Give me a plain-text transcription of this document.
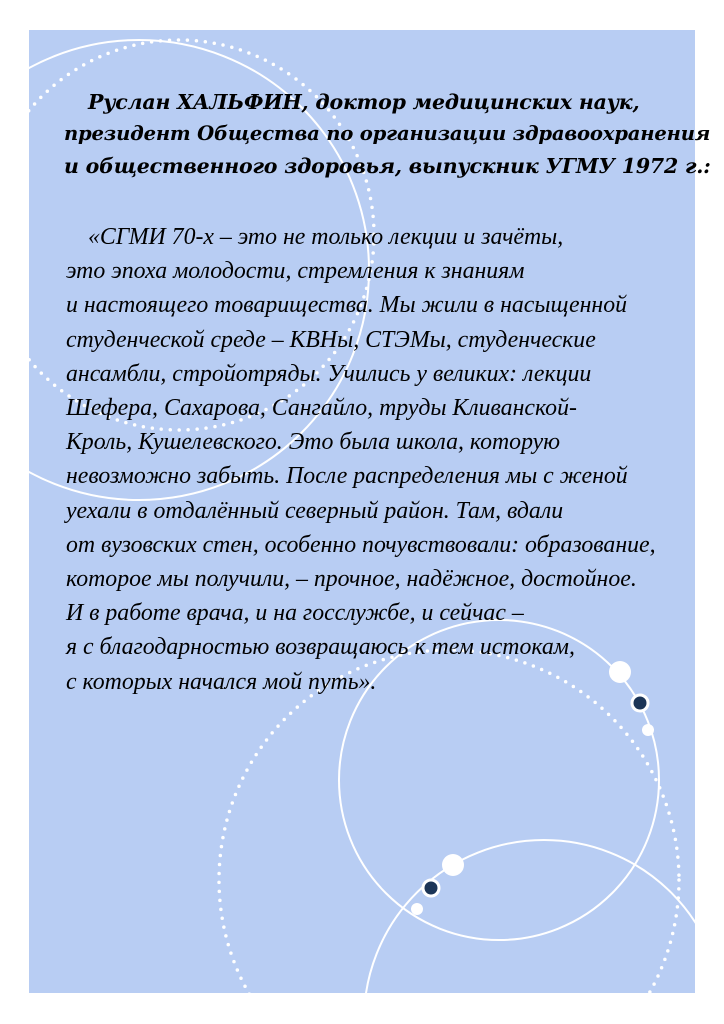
Руслан ХАЛЬФИН, доктор медицинских наук,
президент Общества по организации здравоохранения
и общественного здоровья, выпускник УГМУ 1972 г.:
«СГМИ 70-х – это не только лекции и зачёты,
это эпоха молодости, стремления к знаниям
и настоящего товарищества. Мы жили в насыщенной
студенческой среде – КВНы, СТЭМы, студенческие
ансамбли, стройотряды. Учились у великих: лекции
Шефера, Сахарова, Сангайло, труды Кливанской-
Кроль, Кушелевского. Это была школа, которую
невозможно забыть. После распределения мы с женой
уехали в отдалённый северный район. Там, вдали
от вузовских стен, особенно почувствовали: образование,
которое мы получили, – прочное, надёжное, достойное.
И в работе врача, и на госслужбе, и сейчас –
я с благодарностью возвращаюсь к тем истокам,
с которых начался мой путь».
